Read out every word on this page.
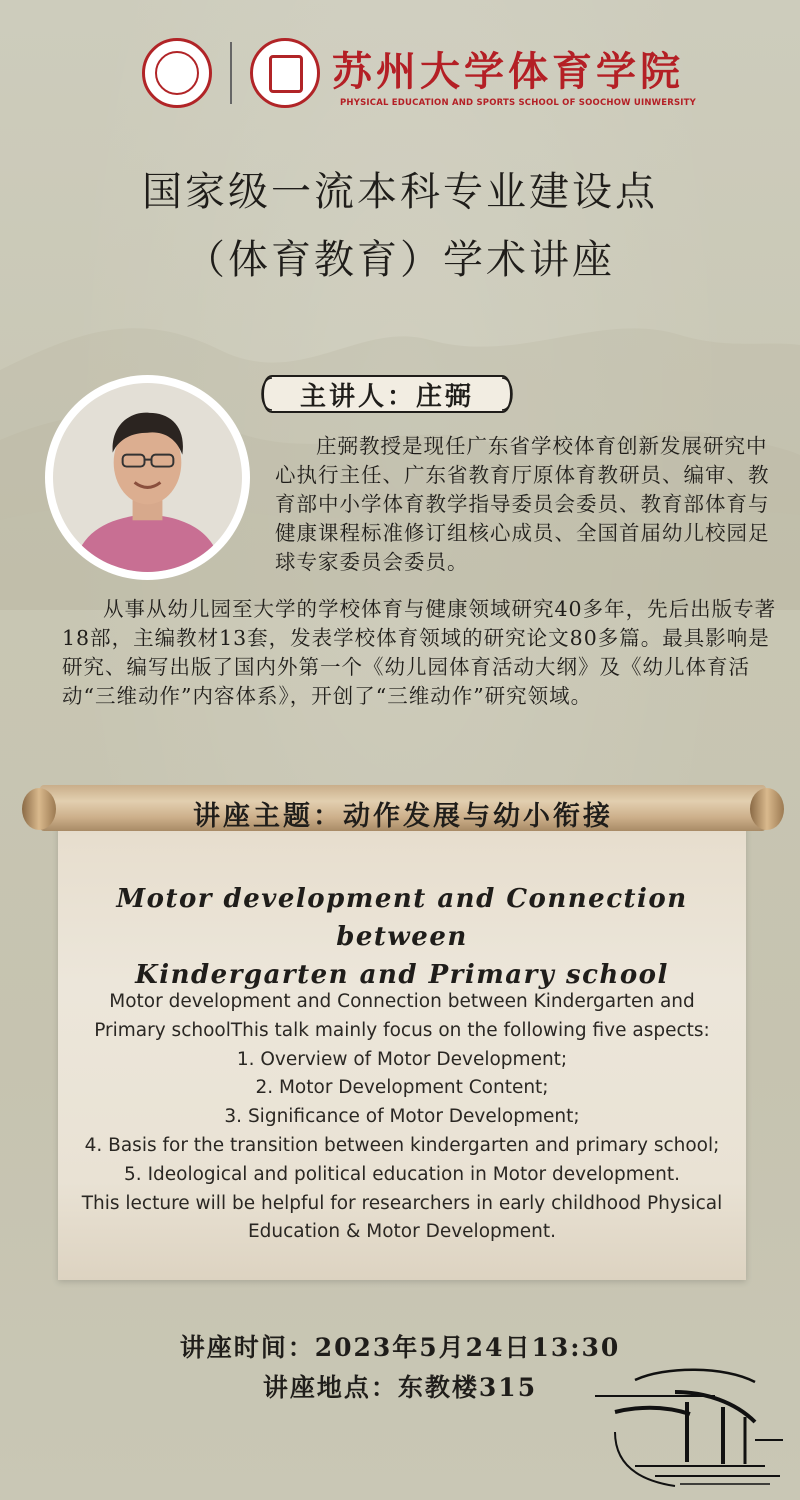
苏州大学体育学院
PHYSICAL EDUCATION AND SPORTS SCHOOL OF SOOCHOW UINWERSITY
国家级一流本科专业建设点
（体育教育）学术讲座
主讲人：庄弼
庄弼教授是现任广东省学校体育创新发展研究中心执行主任、广东省教育厅原体育教研员、编审、教育部中小学体育教学指导委员会委员、教育部体育与健康课程标准修订组核心成员、全国首届幼儿校园足球专家委员会委员。
从事从幼儿园至大学的学校体育与健康领域研究40多年，先后出版专著18部，主编教材13套，发表学校体育领域的研究论文80多篇。最具影响是研究、编写出版了国内外第一个《幼儿园体育活动大纲》及《幼儿体育活动“三维动作”内容体系》，开创了“三维动作”研究领域。
讲座主题：动作发展与幼小衔接
Motor development and Connection between
Kindergarten and Primary school
Motor development and Connection between Kindergarten and
Primary schoolThis talk mainly focus on the following five aspects:
1. Overview of Motor Development;
2. Motor Development Content;
3. Significance of Motor Development;
4. Basis for the transition between kindergarten and primary school;
5. Ideological and political education in Motor development.
This lecture will be helpful for researchers in early childhood Physical
Education & Motor Development.
讲座时间：2023年5月24日13:30
讲座地点：东教楼315
